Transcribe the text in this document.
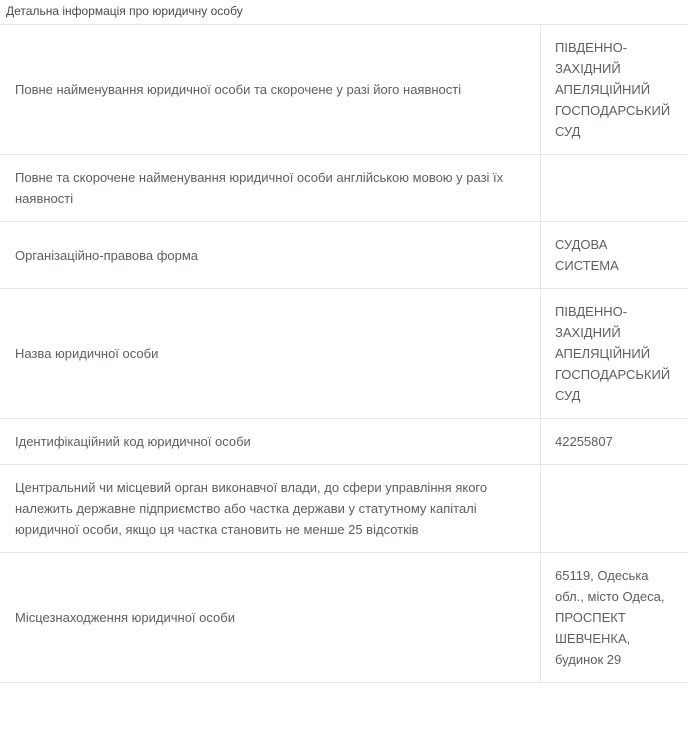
Детальна інформація про юридичну особу
Повне найменування юридичної особи та скорочене у разі його наявності	ПІВДЕННО-
ЗАХІДНИЙ
АПЕЛЯЦІЙНИЙ
ГОСПОДАРСЬКИЙ
СУД

Повне та скорочене найменування юридичної особи англійською мовою у разі їх наявності	

Організаційно-правова форма	СУДОВА
СИСТЕМА

Назва юридичної особи	ПІВДЕННО-
ЗАХІДНИЙ
АПЕЛЯЦІЙНИЙ
ГОСПОДАРСЬКИЙ
СУД

Ідентифікаційний код юридичної особи	42255807

Центральний чи місцевий орган виконавчої влади, до сфери управління якого належить державне підприємство або частка держави у статутному капіталі юридичної особи, якщо ця частка становить не менше 25 відсотків	

Місцезнаходження юридичної особи	65119, Одеська
обл., місто Одеса,
ПРОСПЕКТ
ШЕВЧЕНКА,
будинок 29
